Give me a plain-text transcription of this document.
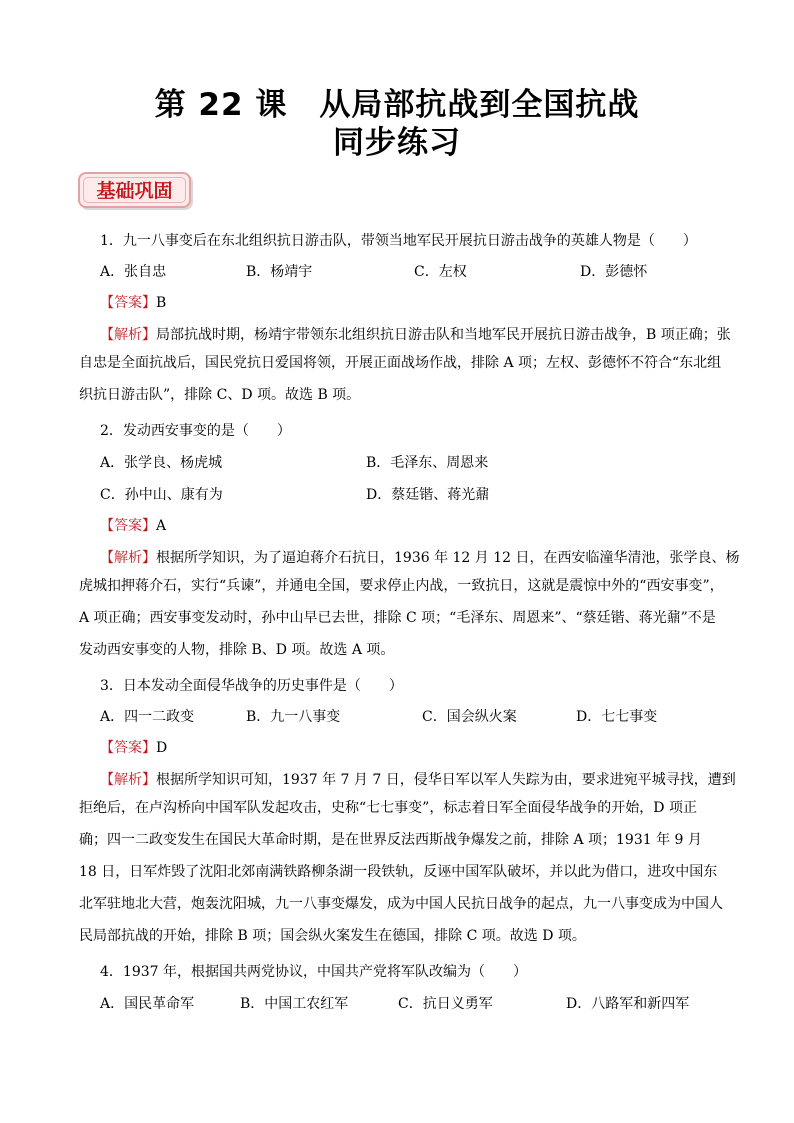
第 22 课　从局部抗战到全国抗战
同步练习
基础巩固
1．九一八事变后在东北组织抗日游击队，带领当地军民开展抗日游击战争的英雄人物是（　　）
A．张自忠	B．杨靖宇	C．左权	D．彭德怀
【答案】B
【解析】局部抗战时期，杨靖宇带领东北组织抗日游击队和当地军民开展抗日游击战争，B 项正确；张
自忠是全面抗战后，国民党抗日爱国将领，开展正面战场作战，排除 A 项；左权、彭德怀不符合“东北组织抗日游击队”，排除 C、D 项。故选 B 项。
2．发动西安事变的是（　　）
A．张学良、杨虎城	B．毛泽东、周恩来
C．孙中山、康有为	D．蔡廷锴、蒋光鼐
【答案】A
【解析】根据所学知识，为了逼迫蒋介石抗日，1936 年 12 月 12 日，在西安临潼华清池，张学良、杨
虎城扣押蒋介石，实行“兵谏”，并通电全国，要求停止内战，一致抗日，这就是震惊中外的“西安事变”，A 项正确；西安事变发动时，孙中山早已去世，排除 C 项；“毛泽东、周恩来”、“蔡廷锴、蒋光鼐”不是发动西安事变的人物，排除 B、D 项。故选 A 项。
3．日本发动全面侵华战争的历史事件是（　　）
A．四一二政变	B．九一八事变	C．国会纵火案	D．七七事变
【答案】D
【解析】根据所学知识可知，1937 年 7 月 7 日，侵华日军以军人失踪为由，要求进宛平城寻找，遭到
拒绝后，在卢沟桥向中国军队发起攻击，史称“七七事变”，标志着日军全面侵华战争的开始，D 项正确；四一二政变发生在国民大革命时期，是在世界反法西斯战争爆发之前，排除 A 项；1931 年 9 月 18 日，日军炸毁了沈阳北郊南满铁路柳条湖一段铁轨，反诬中国军队破坏，并以此为借口，进攻中国东北军驻地北大营，炮轰沈阳城，九一八事变爆发，成为中国人民抗日战争的起点，九一八事变成为中国人民局部抗战的开始，排除 B 项；国会纵火案发生在德国，排除 C 项。故选 D 项。
4．1937 年，根据国共两党协议，中国共产党将军队改编为（　　）
A．国民革命军	B．中国工农红军	C．抗日义勇军	D．八路军和新四军
